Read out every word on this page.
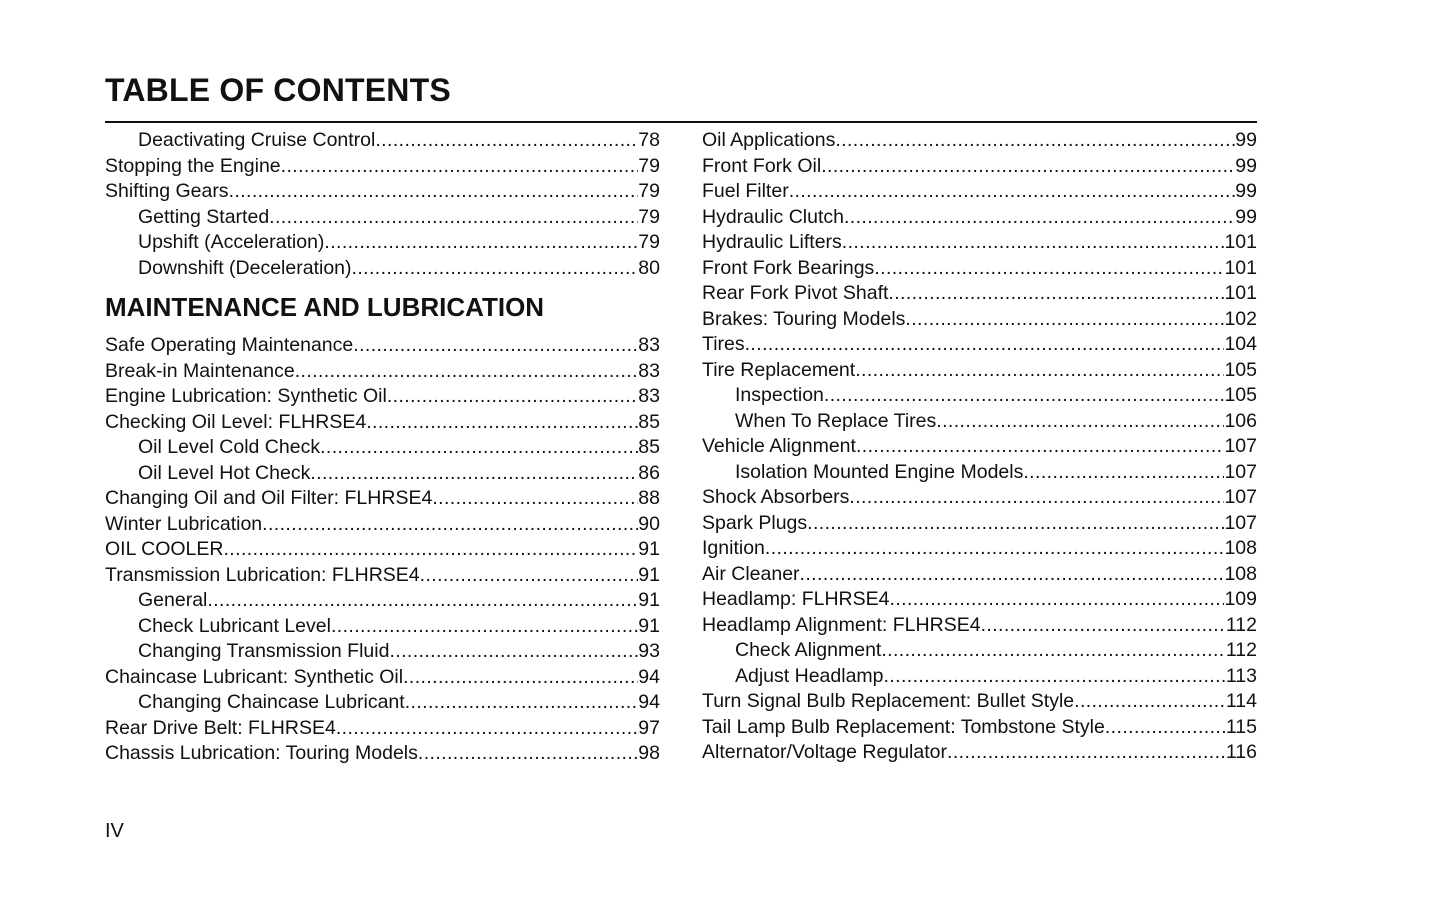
TABLE OF CONTENTS
Deactivating Cruise Control .....	78
Stopping the Engine .....	79
Shifting Gears .....	79
Getting Started .....	79
Upshift (Acceleration) .....	79
Downshift (Deceleration) .....	80
MAINTENANCE AND LUBRICATION
Safe Operating Maintenance .....	83
Break-in Maintenance .....	83
Engine Lubrication: Synthetic Oil .....	83
Checking Oil Level: FLHRSE4 .....	85
Oil Level Cold Check .....	85
Oil Level Hot Check .....	86
Changing Oil and Oil Filter: FLHRSE4 .....	88
Winter Lubrication .....	90
OIL COOLER .....	91
Transmission Lubrication: FLHRSE4 .....	91
General .....	91
Check Lubricant Level .....	91
Changing Transmission Fluid .....	93
Chaincase Lubricant: Synthetic Oil .....	94
Changing Chaincase Lubricant .....	94
Rear Drive Belt: FLHRSE4 .....	97
Chassis Lubrication: Touring Models .....	98
Oil Applications .....	99
Front Fork Oil .....	99
Fuel Filter .....	99
Hydraulic Clutch .....	99
Hydraulic Lifters .....	101
Front Fork Bearings .....	101
Rear Fork Pivot Shaft .....	101
Brakes: Touring Models .....	102
Tires .....	104
Tire Replacement .....	105
Inspection .....	105
When To Replace Tires .....	106
Vehicle Alignment .....	107
Isolation Mounted Engine Models .....	107
Shock Absorbers .....	107
Spark Plugs .....	107
Ignition .....	108
Air Cleaner .....	108
Headlamp: FLHRSE4 .....	109
Headlamp Alignment: FLHRSE4 .....	112
Check Alignment .....	112
Adjust Headlamp .....	113
Turn Signal Bulb Replacement: Bullet Style .....	114
Tail Lamp Bulb Replacement: Tombstone Style .....	115
Alternator/Voltage Regulator .....	116
IV
